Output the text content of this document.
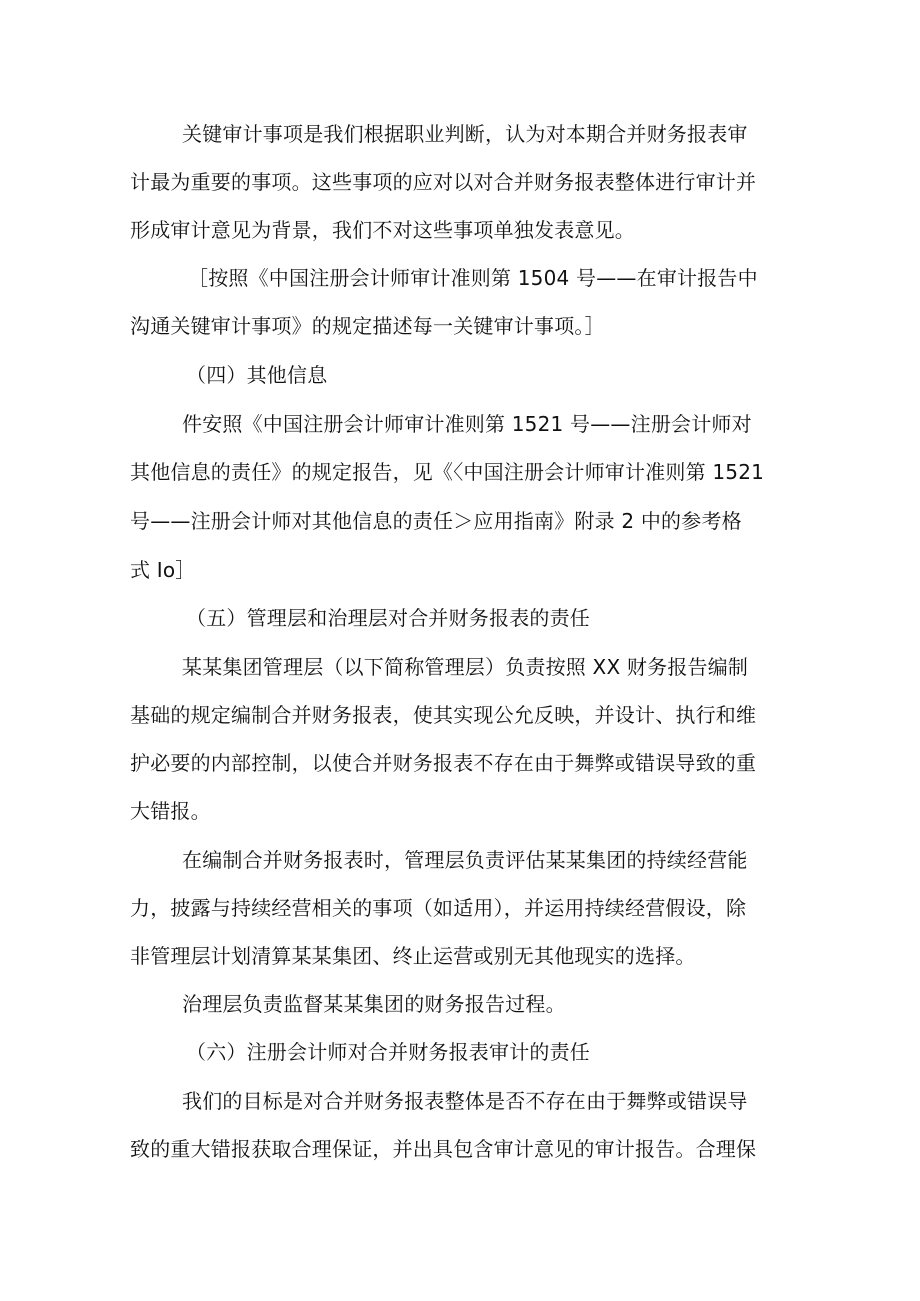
关键审计事项是我们根据职业判断，认为对本期合并财务报表审
计最为重要的事项。这些事项的应对以对合并财务报表整体进行审计并
形成审计意见为背景，我们不对这些事项单独发表意见。
［按照《中国注册会计师审计准则第 1504 号——在审计报告中
沟通关键审计事项》的规定描述每一关键审计事项。］
（四）其他信息
件安照《中国注册会计师审计准则第 1521 号——注册会计师对
其他信息的责任》的规定报告，见《〈中国注册会计师审计准则第 1521
号——注册会计师对其他信息的责任＞应用指南》附录 2 中的参考格
式 Io］
（五）管理层和治理层对合并财务报表的责任
某某集团管理层（以下简称管理层）负责按照 XX 财务报告编制
基础的规定编制合并财务报表，使其实现公允反映，并设计、执行和维
护必要的内部控制，以使合并财务报表不存在由于舞弊或错误导致的重
大错报。
在编制合并财务报表时，管理层负责评估某某集团的持续经营能
力，披露与持续经营相关的事项（如适用），并运用持续经营假设，除
非管理层计划清算某某集团、终止运营或别无其他现实的选择。
治理层负责监督某某集团的财务报告过程。
（六）注册会计师对合并财务报表审计的责任
我们的目标是对合并财务报表整体是否不存在由于舞弊或错误导
致的重大错报获取合理保证，并出具包含审计意见的审计报告。合理保
